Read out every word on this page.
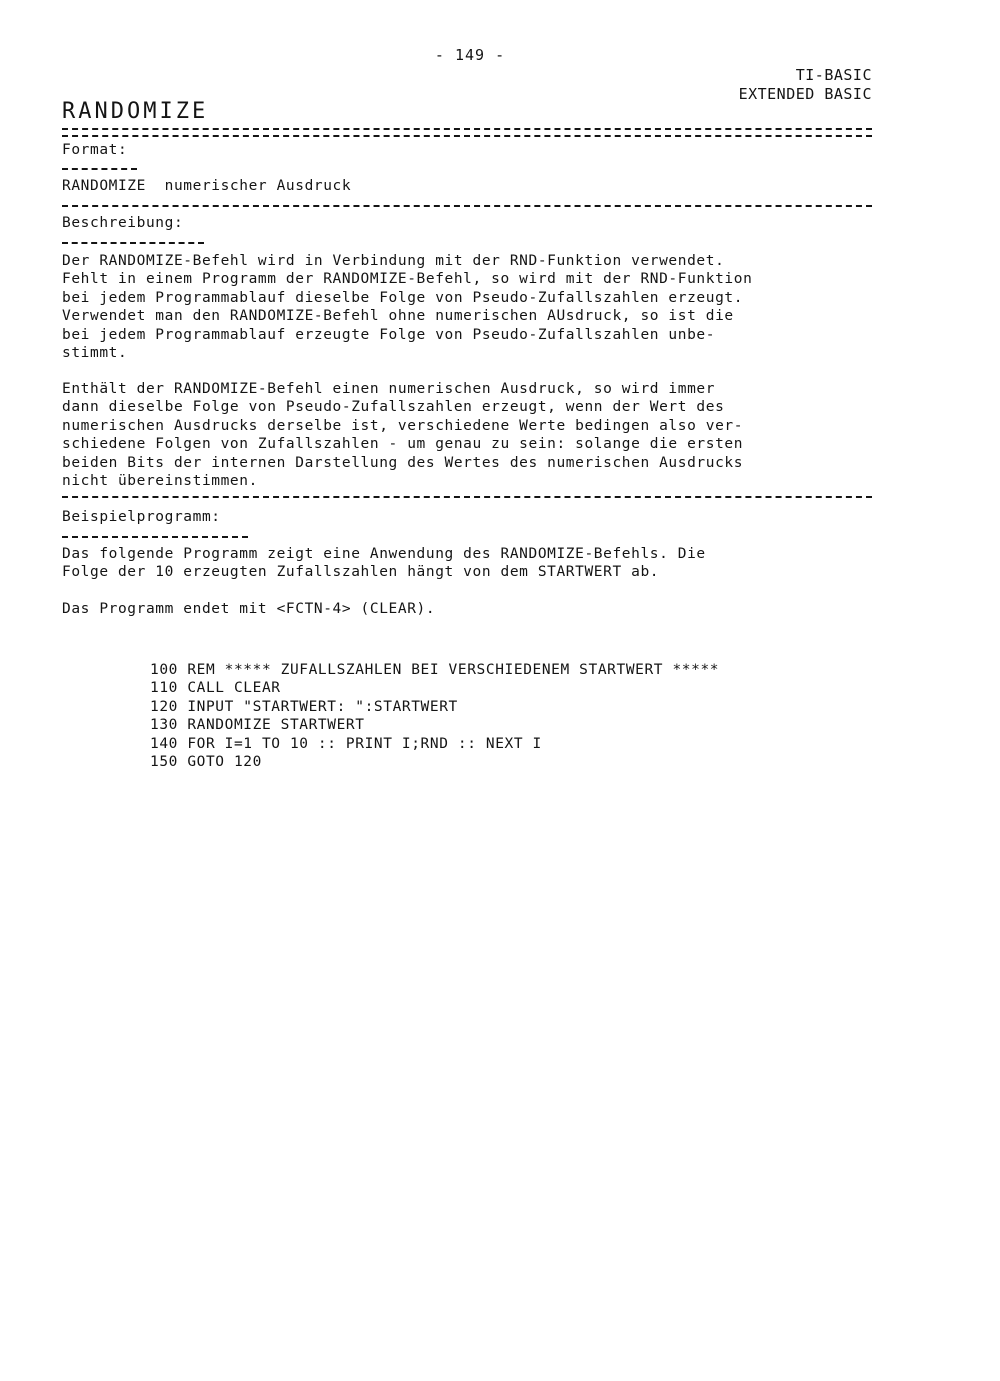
- 149 -
TI-BASIC
EXTENDED BASIC
RANDOMIZE
Format:
RANDOMIZE  numerischer Ausdruck
Beschreibung:
Der RANDOMIZE-Befehl wird in Verbindung mit der RND-Funktion verwendet.
Fehlt in einem Programm der RANDOMIZE-Befehl, so wird mit der RND-Funktion
bei jedem Programmablauf dieselbe Folge von Pseudo-Zufallszahlen erzeugt.
Verwendet man den RANDOMIZE-Befehl ohne numerischen AUsdruck, so ist die
bei jedem Programmablauf erzeugte Folge von Pseudo-Zufallszahlen unbe-
stimmt.
Enthält der RANDOMIZE-Befehl einen numerischen Ausdruck, so wird immer
dann dieselbe Folge von Pseudo-Zufallszahlen erzeugt, wenn der Wert des
numerischen Ausdrucks derselbe ist, verschiedene Werte bedingen also ver-
schiedene Folgen von Zufallszahlen - um genau zu sein: solange die ersten
beiden Bits der internen Darstellung des Wertes des numerischen Ausdrucks
nicht übereinstimmen.
Beispielprogramm:
Das folgende Programm zeigt eine Anwendung des RANDOMIZE-Befehls. Die
Folge der 10 erzeugten Zufallszahlen hängt von dem STARTWERT ab.
Das Programm endet mit <FCTN-4> (CLEAR).
100 REM ***** ZUFALLSZAHLEN BEI VERSCHIEDENEM STARTWERT *****
110 CALL CLEAR
120 INPUT "STARTWERT: ":STARTWERT
130 RANDOMIZE STARTWERT
140 FOR I=1 TO 10 :: PRINT I;RND :: NEXT I
150 GOTO 120
